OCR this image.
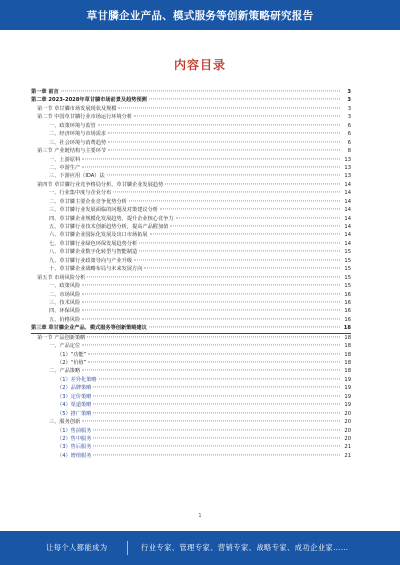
草甘膦企业产品、模式服务等创新策略研究报告
内容目录
第一章 前言	3
第二章 2023-2028年草甘膦市场前景及趋势预测	3
第一节 草甘膦市场发展现状及规模	3
第二节 中国草甘膦行业市场运行环境分析	3
一、政策环境与监管	6
二、经济环境与市场需求	6
三、社会环境与消费趋势	6
第三节 产业链结构与主要环节	8
一、上游原料	13
二、中游生产	13
三、下游应用（IDA）法	13
第四节 草甘膦行业竞争格局分析，草甘膦企业发展趋势	14
一、行业集中度与企业分布	14
二、草甘膦主要企业竞争优势分析	14
三、草甘膦行业发展面临的问题及对策建议分析	14
四、草甘膦企业规模化发展趋势，提升企业核心竞争力	14
五、草甘膦行业技术创新趋势分析，提高产品附加值	14
六、草甘膦企业国际化发展及出口市场拓展	14
七、草甘膦行业绿色环保发展趋势分析	14
八、草甘膦企业数字化转型与智能制造	15
九、草甘膦行业政策导向与产业升级	15
十、草甘膦企业战略布局与未来发展方向	15
第五节 市场风险分析	15
一、政策风险	15
二、市场风险	16
三、技术风险	16
四、环保风险	16
五、价格风险	16
第三章 草甘膦企业产品、模式服务等创新策略建议	18
第一节 产品创新策略	18
一、产品定位	18
（1）“功能”	18
（2）“价值”	18
二、产品策略	18
（1）差异化策略	19
（2）品牌策略	19
（3）定价策略	19
（4）渠道策略	19
（5）推广策略	20
三、服务创新	20
（1）售前服务	20
（2）售中服务	20
（3）售后服务	21
（4）增值服务	21
1
让每个人都能成为	行业专家、管理专家、营销专家、战略专家、成功企业家……
